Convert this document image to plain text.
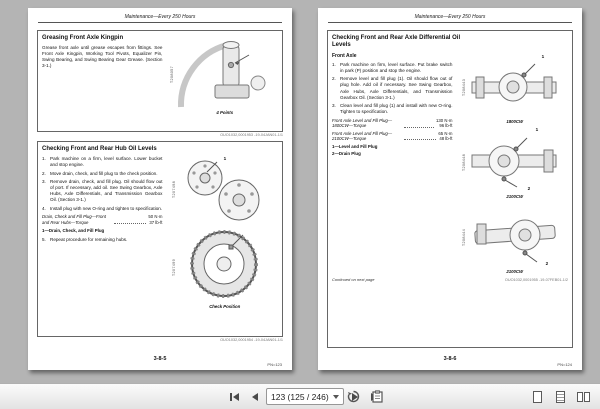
Maintenance—Every 250 Hours
Greasing Front Axle Kingpin
Grease front axle until grease escapes from fittings. See Front Axle Kingpin, Working Tool Pivots, Equalizer Pin, Swing Bearing, and Swing Bearing Gear Grease. (Section 3-1.)
T208057
4 Points
OUO1032,0001953 -19-04JAN01-1/1
Checking Front and Rear Hub Oil Levels
1. Park machine on a firm, level surface. Lower bucket and stop engine.
2. Move drain, check, and fill plug to the check position.
3. Remove drain, check, and fill plug. Oil should flow out of port. If necessary, add oil. See Swing Gearbox, Axle Hubs, Axle Differentials, and Transmission Gearbox Oil. (Section 3-1.)
4. Install plug with new O-ring and tighten to specification.
Drain, Check and Fill Plug—Front and Rear Hubs—Torque
50 N·m
37 lb-ft
1—Drain, Check, and Fill Plug
5. Repeat procedure for remaining hubs.
T207498
1
T207499
Check Position
OUO1032,0001954 -19-04JAN01-1/1
3-8-5
PN=123
Maintenance—Every 250 Hours
Checking Front and Rear Axle Differential Oil Levels
Front Axle
1. Park machine on firm, level surface. Put brake switch in park (P) position and stop the engine.
2. Remove level and fill plug (1). Oil should flow out of plug hole. Add oil if necessary. See Swing Gearbox, Axle Hubs, Axle Differentials, and Transmission Gearbox Oil. (Section 3-1.)
3. Clean level and fill plug (1) and install with new O-ring. Tighten to specification.
Front Axle Level and Fill Plug—1800CW—Torque
130 N·m
96 lb-ft
Front Axle Level and Fill Plug—2100CW—Torque
65 N·m
48 lb-ft
1—Level and Fill Plug
2—Drain Plug
T208443
1
1800CW
T208448
1
2
2100CW
T208444
2
2100CW
Continued on next page	OUO1032,0001955 -19-07FEB01-1/2
3-8-6
PN=124
123 (125 / 246)
